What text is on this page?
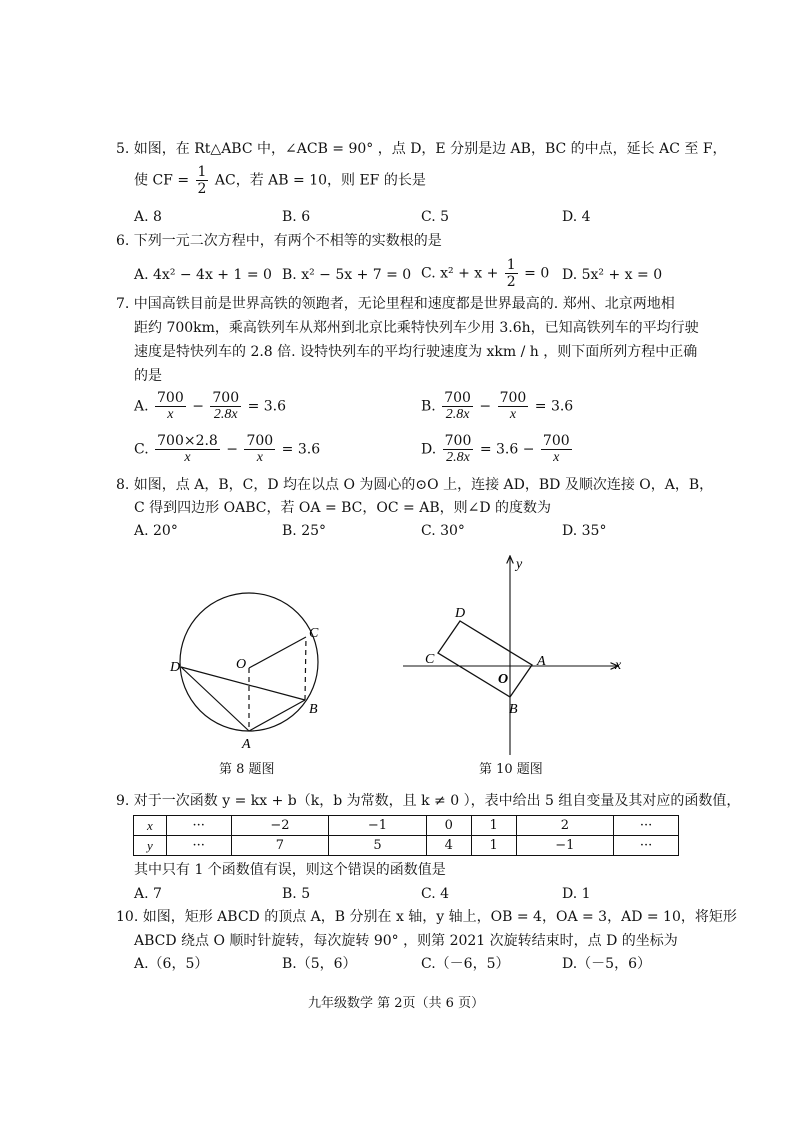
5. 如图，在 Rt△ABC 中，∠ACB = 90° ，点 D，E 分别是边 AB，BC 的中点，延长 AC 至 F，
使 CF = $\frac{1}{2}$ AC，若 AB = 10，则 EF 的长是
A. 8	B. 6	C. 5	D. 4
6. 下列一元二次方程中，有两个不相等的实数根的是
A. 4x² − 4x + 1 = 0 B. x² − 5x + 7 = 0 C. $x^2 + x + \frac{1}{2} = 0$ D. 5x² + x = 0
7. 中国高铁目前是世界高铁的领跑者，无论里程和速度都是世界最高的. 郑州、北京两地相
距约 700km，乘高铁列车从郑州到北京比乘特快列车少用 3.6h，已知高铁列车的平均行驶
速度是特快列车的 2.8 倍. 设特快列车的平均行驶速度为 xkm / h ，则下面所列方程中正确
的是
A. $\frac{700}{x} - \frac{700}{2.8x} = 3.6$	B. $\frac{700}{2.8x} - \frac{700}{x} = 3.6$
C. $\frac{700\times 2.8}{x} - \frac{700}{x} = 3.6$	D. $\frac{700}{2.8x} = 3.6 - \frac{700}{x}$
8. 如图，点 A，B，C，D 均在以点 O 为圆心的⊙O 上，连接 AD，BD 及顺次连接 O，A，B，
C 得到四边形 OABC，若 OA = BC，OC = AB，则∠D 的度数为
A. 20°	B. 25°	C. 30°	D. 35°
O
A
B
C
D
第 8 题图
y
x
A
B
C
D
O
第 10 题图
9. 对于一次函数 y = kx + b（k，b 为常数，且 k ≠ 0 ），表中给出 5 组自变量及其对应的函数值，
x	···	−2	−1	0	1	2	···
y	···	7	5	4	1	−1	···
其中只有 1 个函数值有误，则这个错误的函数值是
A. 7	B. 5	C. 4	D. 1
10. 如图，矩形 ABCD 的顶点 A，B 分别在 x 轴，y 轴上，OB = 4，OA = 3，AD = 10，将矩形
ABCD 绕点 O 顺时针旋转，每次旋转 90° ，则第 2021 次旋转结束时，点 D 的坐标为
A.（6，5）	B.（5，6）	C.（－6，5）	D.（－5，6）
九年级数学 第 2页（共 6 页）
